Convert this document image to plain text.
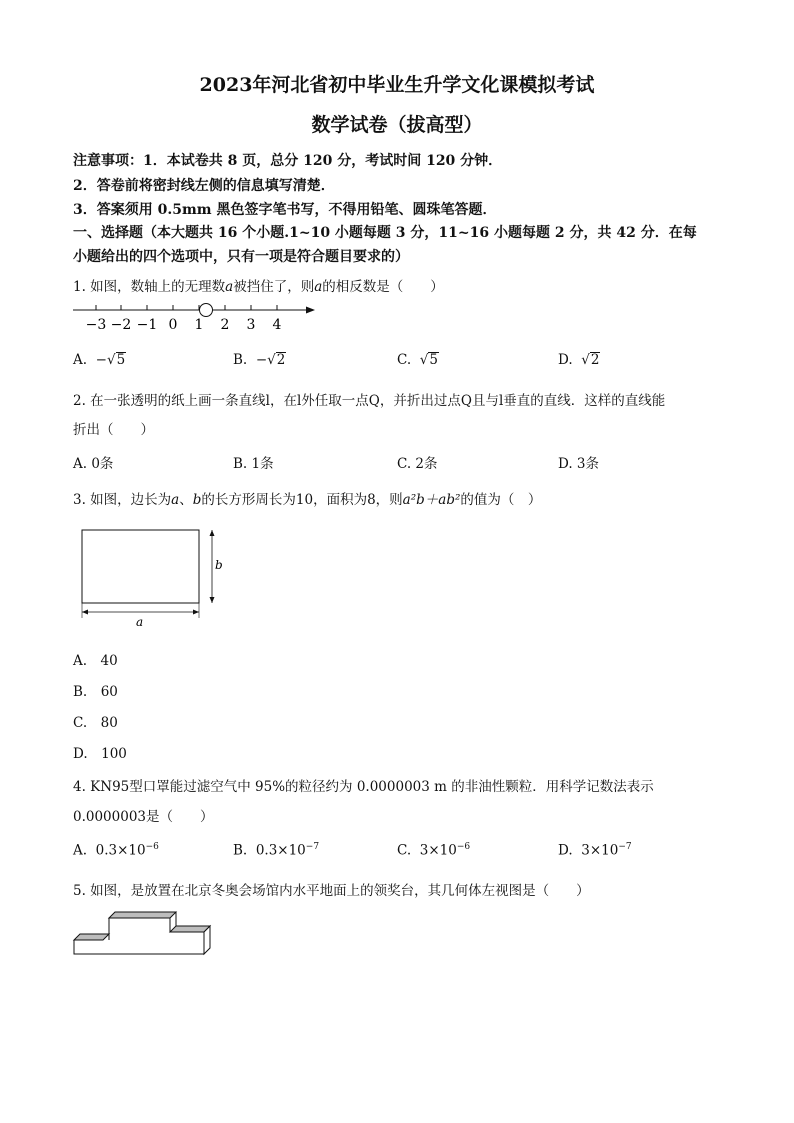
2023年河北省初中毕业生升学文化课模拟考试
数学试卷（拔高型）
注意事项：1．本试卷共 8 页，总分 120 分，考试时间 120 分钟．
2．答卷前将密封线左侧的信息填写清楚．
3．答案须用 0.5mm 黑色签字笔书写，不得用铅笔、圆珠笔答题．
一、选择题（本大题共 16 个小题.1~10 小题每题 3 分，11~16 小题每题 2 分，共 42 分．在每
小题给出的四个选项中，只有一项是符合题目要求的）
1. 如图，数轴上的无理数a被挡住了，则a的相反数是（　　）
−3 −2 −1 0 1 2 3 4
A. −√5	B. −√2	C. √5	D. √2
2. 在一张透明的纸上画一条直线l，在l外任取一点Q，并折出过点Q且与l垂直的直线．这样的直线能
折出（　　）
A. 0条	B. 1条	C. 2条	D. 3条
3. 如图，边长为a、b的长方形周长为10，面积为8，则a²b＋ab²的值为（　）
b
a
A.　40
B.　60
C.　80
D.　100
4. KN95型口罩能过滤空气中 95%的粒径约为 0.0000003 m 的非油性颗粒．用科学记数法表示
0.0000003是（　　）
A. $0.3\times 10^{-6}$	B. $0.3\times 10^{-7}$	C. $3\times 10^{-6}$	D. $3\times 10^{-7}$
5. 如图，是放置在北京冬奥会场馆内水平地面上的领奖台，其几何体左视图是（　　）
